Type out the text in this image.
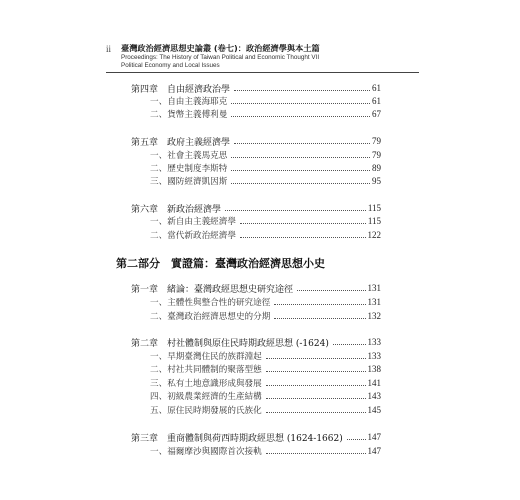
ii 臺灣政治經濟思想史論叢 (卷七)：政治經濟學與本土篇
Proceedings: The History of Taiwan Political and Economic Thought VII
Political Economy and Local Issues
第四章　自由經濟政治學	61
一、自由主義海耶克	61
二、貨幣主義傅利曼	67
第五章　政府主義經濟學	79
一、社會主義馬克思	79
二、歷史制度李斯特	89
三、國防經濟凱因斯	95
第六章　新政治經濟學	115
一、新自由主義經濟學	115
二、當代新政治經濟學	122
第二部分　實證篇：臺灣政治經濟思想小史
第一章　緒論：臺灣政經思想史研究途徑	131
一、主體性與整合性的研究途徑	131
二、臺灣政治經濟思想史的分期	132
第二章　村社體制與原住民時期政經思想 (-1624)	133
一、早期臺灣住民的族群淵起	133
二、村社共同體制的聚落型態	138
三、私有土地意識形成與發展	141
四、初級農業經濟的生產結構	143
五、原住民時期發展的氏族化	145
第三章　重商體制與荷西時期政經思想 (1624-1662)	147
一、福爾摩沙與國際首次接軌	147
